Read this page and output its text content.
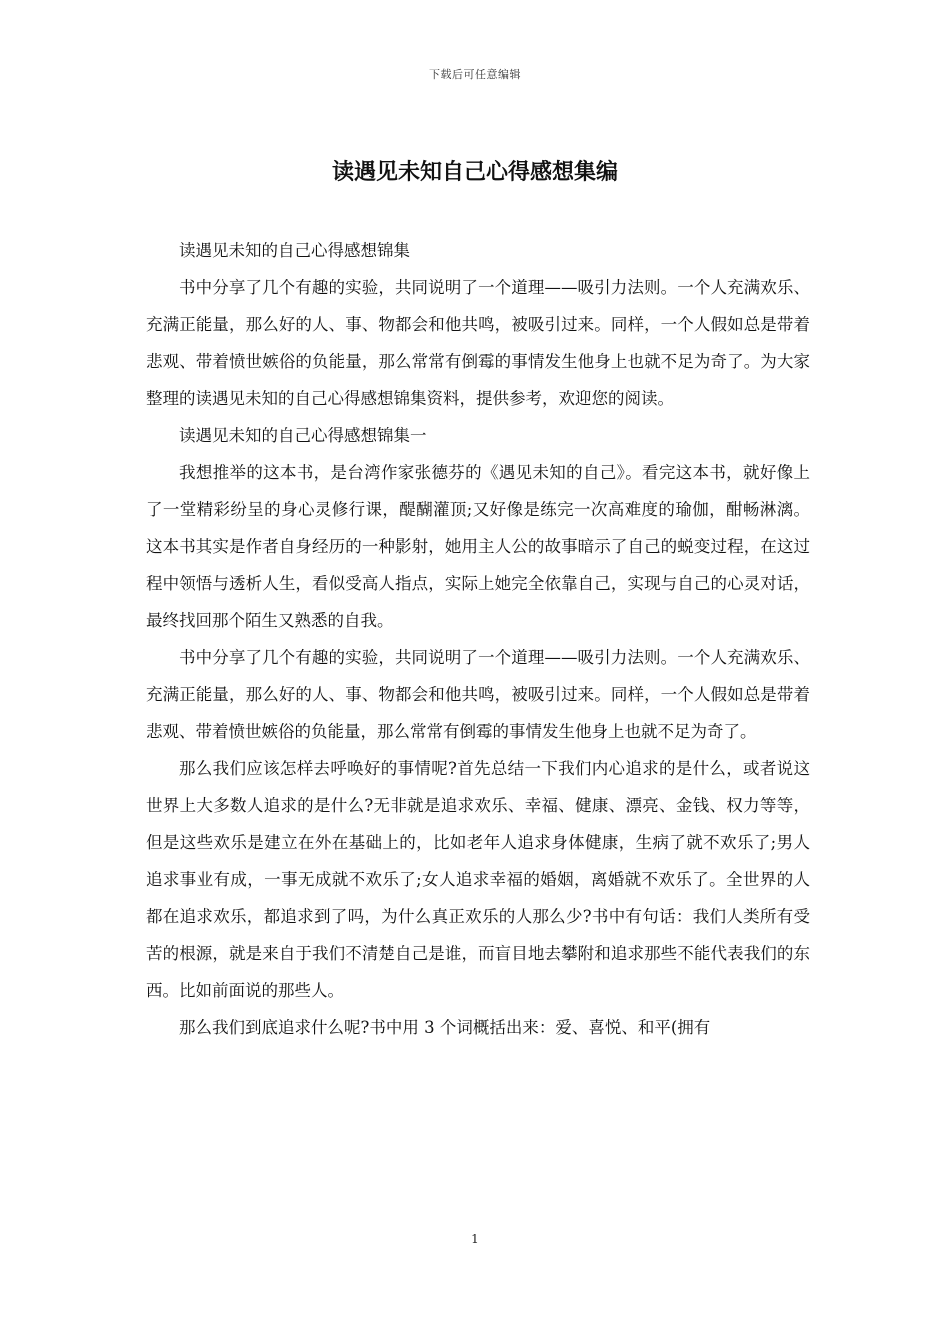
下载后可任意编辑
读遇见未知自己心得感想集编

读遇见未知的自己心得感想锦集

书中分享了几个有趣的实验，共同说明了一个道理——吸引力法则。一个人充满欢乐、充满正能量，那么好的人、事、物都会和他共鸣，被吸引过来。同样，一个人假如总是带着悲观、带着愤世嫉俗的负能量，那么常常有倒霉的事情发生他身上也就不足为奇了。为大家整理的读遇见未知的自己心得感想锦集资料，提供参考，欢迎您的阅读。

读遇见未知的自己心得感想锦集一

我想推举的这本书，是台湾作家张德芬的《遇见未知的自己》。看完这本书，就好像上了一堂精彩纷呈的身心灵修行课，醍醐灌顶;又好像是练完一次高难度的瑜伽，酣畅淋漓。这本书其实是作者自身经历的一种影射，她用主人公的故事暗示了自己的蜕变过程，在这过程中领悟与透析人生，看似受高人指点，实际上她完全依靠自己，实现与自己的心灵对话，最终找回那个陌生又熟悉的自我。

书中分享了几个有趣的实验，共同说明了一个道理——吸引力法则。一个人充满欢乐、充满正能量，那么好的人、事、物都会和他共鸣，被吸引过来。同样，一个人假如总是带着悲观、带着愤世嫉俗的负能量，那么常常有倒霉的事情发生他身上也就不足为奇了。

那么我们应该怎样去呼唤好的事情呢?首先总结一下我们内心追求的是什么，或者说这世界上大多数人追求的是什么?无非就是追求欢乐、幸福、健康、漂亮、金钱、权力等等，但是这些欢乐是建立在外在基础上的，比如老年人追求身体健康，生病了就不欢乐了;男人追求事业有成，一事无成就不欢乐了;女人追求幸福的婚姻，离婚就不欢乐了。全世界的人都在追求欢乐，都追求到了吗，为什么真正欢乐的人那么少?书中有句话：我们人类所有受苦的根源，就是来自于我们不清楚自己是谁，而盲目地去攀附和追求那些不能代表我们的东西。比如前面说的那些人。

那么我们到底追求什么呢?书中用 3 个词概括出来：爱、喜悦、和平(拥有

1
